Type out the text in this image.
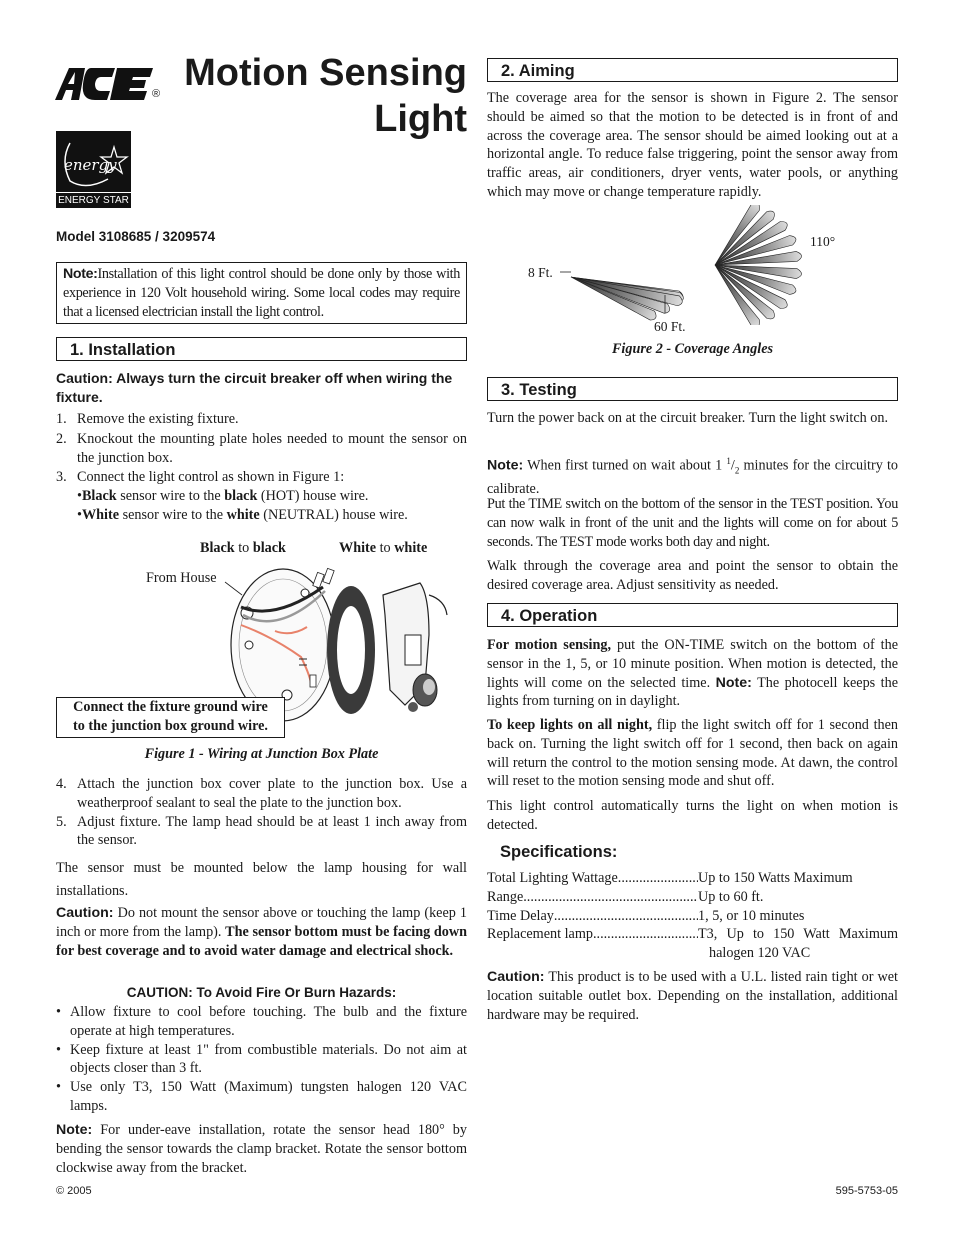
® Motion Sensing
Light
energy
ENERGY STAR
Model 3108685 / 3209574

Note:Installation of this light control should be done only by those with experience in 120 Volt household wiring. Some local codes may require that a licensed electrician install the light control.

1. Installation
Caution: Always turn the circuit breaker off when wiring the fixture.
1. Remove the existing fixture.
2. Knockout the mounting plate holes needed to mount the sensor on the junction box.
3. Connect the light control as shown in Figure 1:
•Black sensor wire to the black (HOT) house wire.
•White sensor wire to the white (NEUTRAL) house wire.
Black to black	White to white
From House
Connect the fixture ground wire
to the junction box ground wire.
Figure 1 - Wiring at Junction Box Plate
4. Attach the junction box cover plate to the junction box. Use a weatherproof sealant to seal the plate to the junction box.
5. Adjust fixture. The lamp head should be at least 1 inch away from the sensor.

The sensor must be mounted below the lamp housing for wall installations.

Caution: Do not mount the sensor above or touching the lamp (keep 1 inch or more from the lamp). The sensor bottom must be facing down for best coverage and to avoid water damage and electrical shock.

CAUTION: To Avoid Fire Or Burn Hazards:
• Allow fixture to cool before touching. The bulb and the fixture operate at high temperatures.
• Keep fixture at least 1" from combustible materials. Do not aim at objects closer than 3 ft.
• Use only T3, 150 Watt (Maximum) tungsten halogen 120 VAC lamps.

Note: For under-eave installation, rotate the sensor head 180° by bending the sensor towards the clamp bracket. Rotate the sensor bottom clockwise away from the bracket.

2. Aiming

The coverage area for the sensor is shown in Figure 2. The sensor should be aimed so that the motion to be detected is in front of and across the coverage area. The sensor should be aimed looking out at a horizontal angle. To reduce false triggering, point the sensor away from traffic areas, air conditioners, dryer vents, water pools, or anything which may move or change temperature rapidly.

8 Ft.
110°
60 Ft.
Figure 2 - Coverage Angles
3. Testing

Turn the power back on at the circuit breaker. Turn the light switch on.

Note: When first turned on wait about 1 $^1/_2$ minutes for the circuitry to calibrate.

Put the TIME switch on the bottom of the sensor in the TEST position. You can now walk in front of the unit and the lights will come on for about 5 seconds. The TEST mode works both day and night.

Walk through the coverage area and point the sensor to obtain the desired coverage area. Adjust sensitivity as needed.

4. Operation

For motion sensing, put the ON-TIME switch on the bottom of the sensor in the 1, 5, or 10 minute position. When motion is detected, the lights will come on the selected time. Note: The photocell keeps the lights from turning on in daylight.

To keep lights on all night, flip the light switch off for 1 second then back on. Turning the light switch off for 1 second, then back on again will return the control to the motion sensing mode. At dawn, the control will reset to the motion sensing mode and shut off.

This light control automatically turns the light on when motion is detected.

Specifications:
Total Lighting Wattage .....	Up to 150 Watts Maximum
Range .....	Up to 60 ft.
Time Delay .....	1, 5, or 10 minutes
Replacement lamp .....	T3, Up to 150 Watt Maximum
halogen 120 VAC

Caution: This product is to be used with a U.L. listed rain tight or wet location suitable outlet box. Depending on the installation, additional hardware may be required.

© 2005	595-5753-05
